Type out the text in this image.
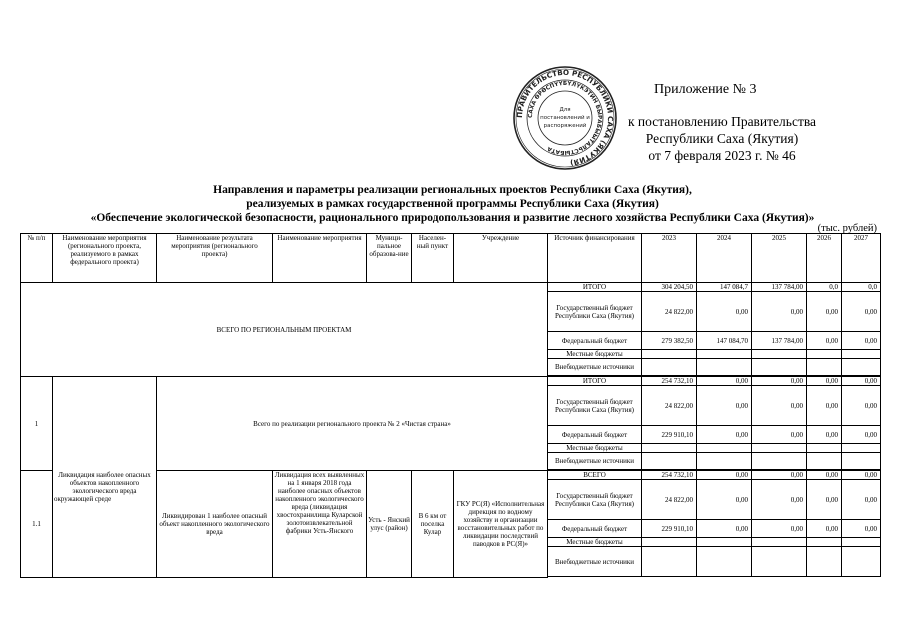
ПРАВИТЕЛЬСТВО РЕСПУБЛИКИ САХА (ЯКУТИЯ)
САХА ӨРӨСПҮҮБҮЛҮКЭТИН БЫРАБЫЫТАЛЬСТЫБАТА
Для
постановлений и
распоряжений
Приложение № 3
к постановлению Правительства
Республики Саха (Якутия)
от 7 февраля 2023 г. № 46
Направления и параметры реализации региональных проектов Республики Саха (Якутия),
реализуемых в рамках государственной программы Республики Саха (Якутия)
«Обеспечение экологической безопасности, рационального природопользования и развитие лесного хозяйства Республики Саха (Якутия)»
(тыс. рублей)
№ п/п	Наименование мероприятия (регионального проекта, реализуемого в рамках федерального проекта)	Наименование результата мероприятия (регионального проекта)	Наименование мероприятия	Муници-пальное образова-ние	Населен-ный пункт	Учреждение	Источник финансирования	2023	2024	2025	2026	2027
ВСЕГО ПО РЕГИОНАЛЬНЫМ ПРОЕКТАМ							ИТОГО	304 204,50	147 084,7	137 784,00	0,0	0,0
							Государственный бюджет Республики Саха (Якутия)	24 822,00	0,00	0,00	0,00	0,00
							Федеральный бюджет	279 382,50	147 084,70	137 784,00	0,00	0,00
							Местные бюджеты					
							Внебюджетные источники					

1		Всего по реализации регионального проекта № 2 «Чистая страна»					ИТОГО	254 732,10	0,00	0,00	0,00	0,00
							Государственный бюджет Республики Саха (Якутия)	24 822,00	0,00	0,00	0,00	0,00
							Федеральный бюджет	229 910,10	0,00	0,00	0,00	0,00
							Местные бюджеты					
							Внебюджетные источники					

1.1	Ликвидация наиболее опасных объектов накопленного экологического вреда окружающей среде	Ликвидирован 1 наиболее опасный объект накопленного экологического вреда	Ликвидация всех выявленных на 1 января 2018 года наиболее опасных объектов накопленного экологического вреда (ликвидация хвостохранилища Куларской золотоизвлекательной фабрики Усть-Янского	Усть - Янский улус (район)	В 6 км от поселка Кулар	ГКУ РС(Я) «Исполнительная дирекция по водному хозяйству и организации восстановительных работ по ликвидации последствий паводков в РС(Я)»	ВСЕГО	254 732,10	0,00	0,00	0,00	0,00
							Государственный бюджет Республики Саха (Якутия)	24 822,00	0,00	0,00	0,00	0,00
							Федеральный бюджет	229 910,10	0,00	0,00	0,00	0,00
							Местные бюджеты					
							Внебюджетные источники					
